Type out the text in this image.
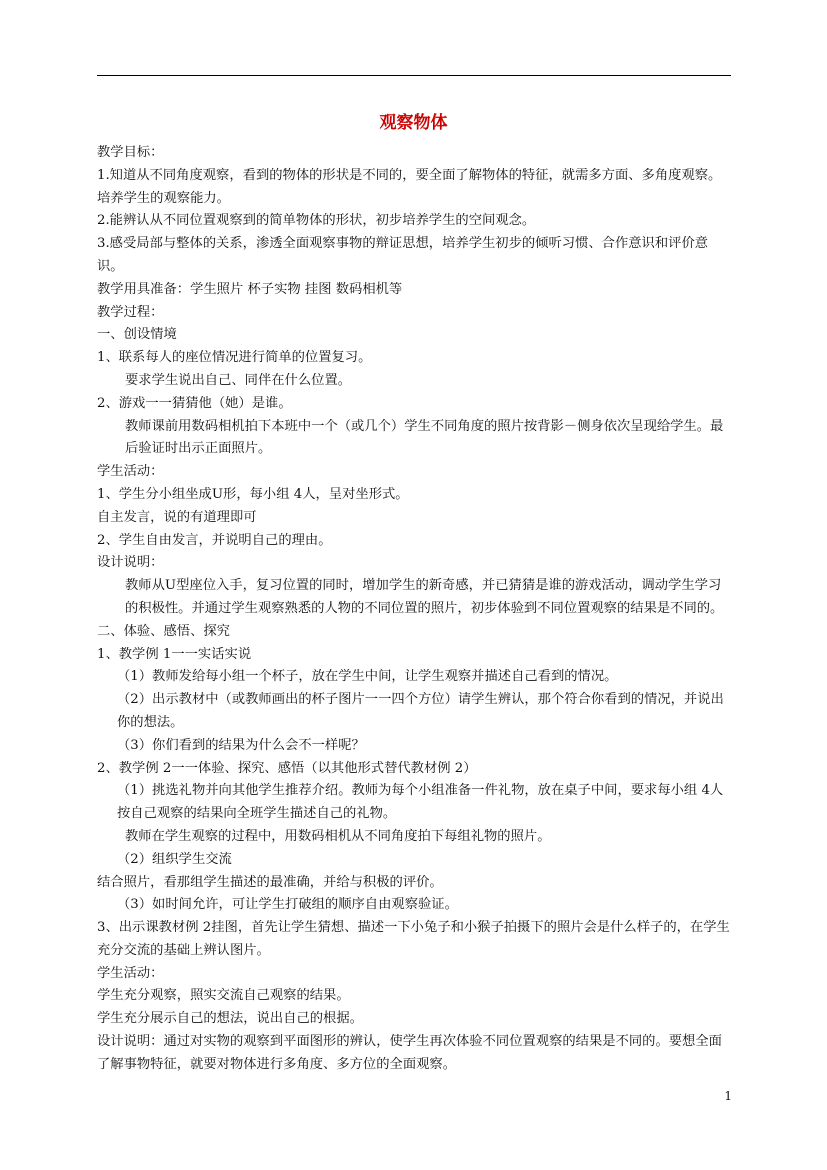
观察物体

教学目标：

1.知道从不同角度观察，看到的物体的形状是不同的，要全面了解物体的特征，就需多方面、多角度观察。培养学生的观察能力。

2.能辨认从不同位置观察到的简单物体的形状，初步培养学生的空间观念。

3.感受局部与整体的关系，渗透全面观察事物的辩证思想，培养学生初步的倾听习惯、合作意识和评价意识。

教学用具准备：学生照片 杯子实物 挂图 数码相机等

教学过程：

一、创设情境

1、联系每人的座位情况进行简单的位置复习。

要求学生说出自己、同伴在什么位置。

2、游戏一一猜猜他（她）是谁。

教师课前用数码相机拍下本班中一个（或几个）学生不同角度的照片按背影－侧身依次呈现给学生。最后验证时出示正面照片。

学生活动：

1、学生分小组坐成U形，每小组 4人，呈对坐形式。

自主发言，说的有道理即可

2、学生自由发言，并说明自己的理由。

设计说明：

教师从U型座位入手，复习位置的同时，增加学生的新奇感，并已猜猜是谁的游戏活动，调动学生学习的积极性。并通过学生观察熟悉的人物的不同位置的照片，初步体验到不同位置观察的结果是不同的。

二、体验、感悟、探究

1、教学例 1一一实话实说

（1）教师发给每小组一个杯子，放在学生中间，让学生观察并描述自己看到的情况。

（2）出示教材中（或教师画出的杯子图片一一四个方位）请学生辨认，那个符合你看到的情况，并说出你的想法。

（3）你们看到的结果为什么会不一样呢？

2、教学例 2一一体验、探究、感悟（以其他形式替代教材例 2）

（1）挑选礼物并向其他学生推荐介绍。教师为每个小组准备一件礼物，放在桌子中间，要求每小组 4人按自己观察的结果向全班学生描述自己的礼物。

教师在学生观察的过程中，用数码相机从不同角度拍下每组礼物的照片。

（2）组织学生交流

结合照片，看那组学生描述的最准确，并给与积极的评价。

（3）如时间允许，可让学生打破组的顺序自由观察验证。

3、出示课教材例 2挂图，首先让学生猜想、描述一下小兔子和小猴子拍摄下的照片会是什么样子的，在学生充分交流的基础上辨认图片。

学生活动：

学生充分观察，照实交流自己观察的结果。

学生充分展示自己的想法，说出自己的根据。

设计说明：通过对实物的观察到平面图形的辨认，使学生再次体验不同位置观察的结果是不同的。要想全面了解事物特征，就要对物体进行多角度、多方位的全面观察。

1
